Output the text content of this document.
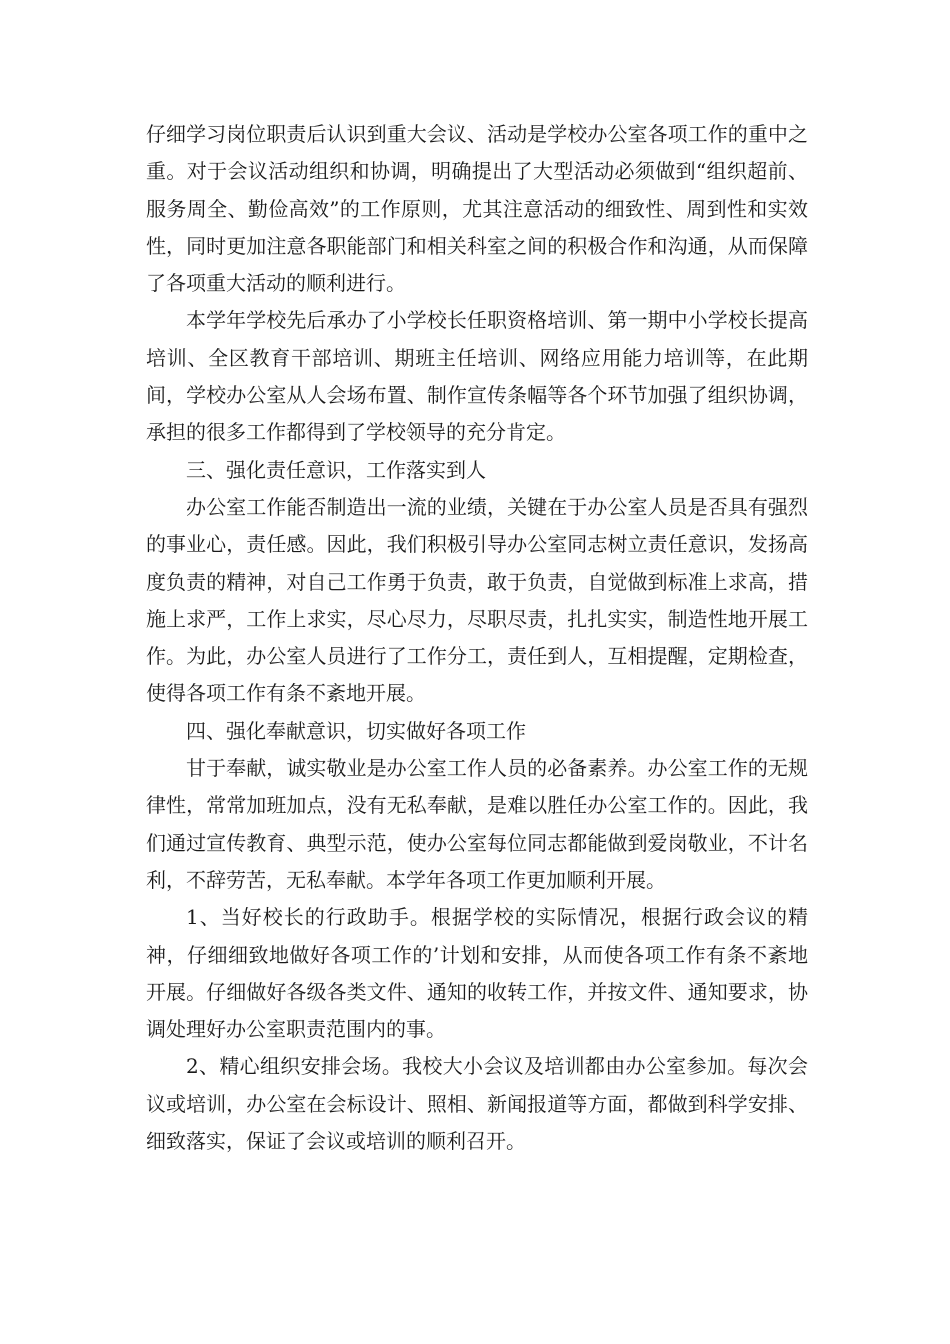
仔细学习岗位职责后认识到重大会议、活动是学校办公室各项工作的重中之重。对于会议活动组织和协调，明确提出了大型活动必须做到“组织超前、服务周全、勤俭高效”的工作原则，尤其注意活动的细致性、周到性和实效性，同时更加注意各职能部门和相关科室之间的积极合作和沟通，从而保障了各项重大活动的顺利进行。

本学年学校先后承办了小学校长任职资格培训、第一期中小学校长提高培训、全区教育干部培训、期班主任培训、网络应用能力培训等，在此期间，学校办公室从人会场布置、制作宣传条幅等各个环节加强了组织协调，承担的很多工作都得到了学校领导的充分肯定。

三、强化责任意识，工作落实到人

办公室工作能否制造出一流的业绩，关键在于办公室人员是否具有强烈的事业心，责任感。因此，我们积极引导办公室同志树立责任意识，发扬高度负责的精神，对自己工作勇于负责，敢于负责，自觉做到标准上求高，措施上求严，工作上求实，尽心尽力，尽职尽责，扎扎实实，制造性地开展工作。为此，办公室人员进行了工作分工，责任到人，互相提醒，定期检查，使得各项工作有条不紊地开展。

四、强化奉献意识，切实做好各项工作

甘于奉献，诚实敬业是办公室工作人员的必备素养。办公室工作的无规律性，常常加班加点，没有无私奉献，是难以胜任办公室工作的。因此，我们通过宣传教育、典型示范，使办公室每位同志都能做到爱岗敬业，不计名利，不辞劳苦，无私奉献。本学年各项工作更加顺利开展。

1、当好校长的行政助手。根据学校的实际情况，根据行政会议的精神，仔细细致地做好各项工作的’计划和安排，从而使各项工作有条不紊地开展。仔细做好各级各类文件、通知的收转工作，并按文件、通知要求，协调处理好办公室职责范围内的事。

2、精心组织安排会场。我校大小会议及培训都由办公室参加。每次会议或培训，办公室在会标设计、照相、新闻报道等方面，都做到科学安排、细致落实，保证了会议或培训的顺利召开。
